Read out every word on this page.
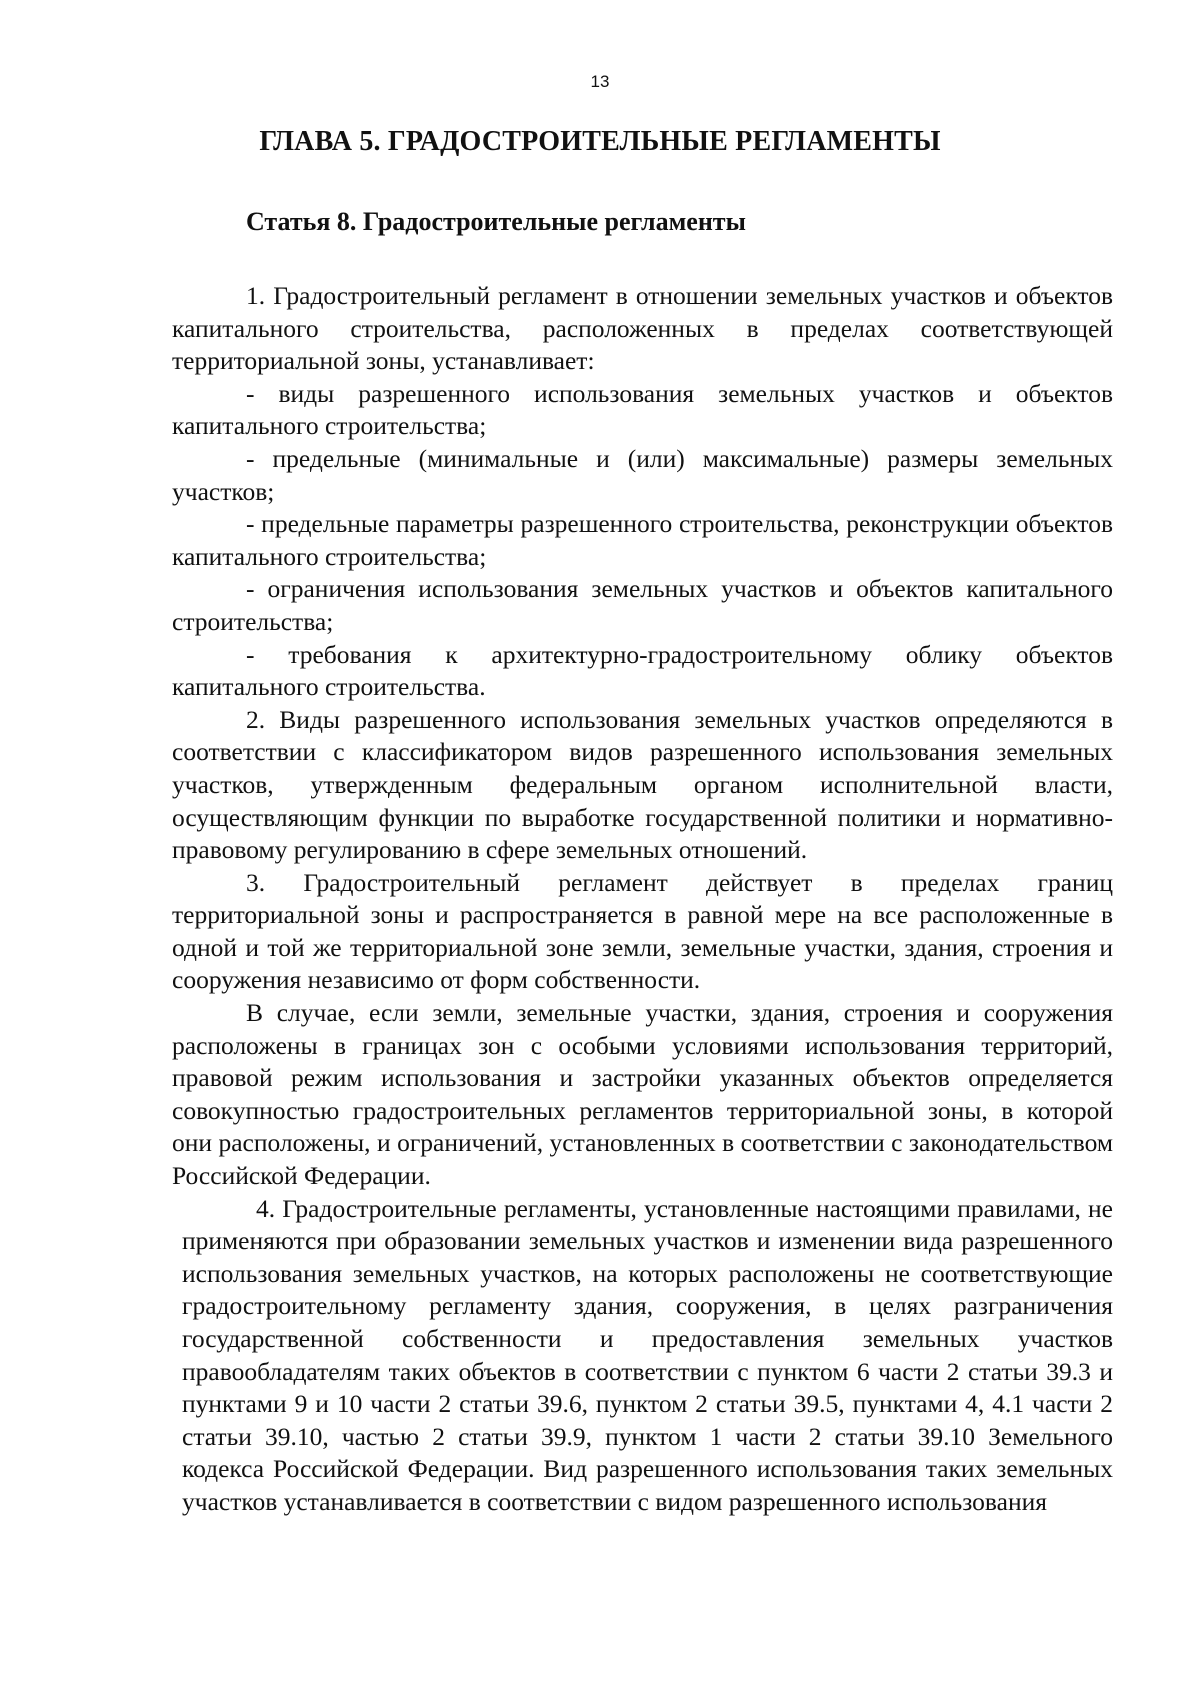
13
ГЛАВА 5. ГРАДОСТРОИТЕЛЬНЫЕ РЕГЛАМЕНТЫ
Статья 8. Градостроительные регламенты

1. Градостроительный регламент в отношении земельных участков и объектов капитального строительства, расположенных в пределах соответствующей территориальной зоны, устанавливает:

- виды разрешенного использования земельных участков и объектов капитального строительства;

- предельные (минимальные и (или) максимальные) размеры земельных участков;

- предельные параметры разрешенного строительства, реконструкции объектов капитального строительства;

- ограничения использования земельных участков и объектов капитального строительства;

- требования к архитектурно-градостроительному облику объектов капитального строительства.

2. Виды разрешенного использования земельных участков определяются в соответствии с классификатором видов разрешенного использования земельных участков, утвержденным федеральным органом исполнительной власти, осуществляющим функции по выработке государственной политики и нормативно-правовому регулированию в сфере земельных отношений.

3. Градостроительный регламент действует в пределах границ территориальной зоны и распространяется в равной мере на все расположенные в одной и той же территориальной зоне земли, земельные участки, здания, строения и сооружения независимо от форм собственности.

В случае, если земли, земельные участки, здания, строения и сооружения расположены в границах зон с особыми условиями использования территорий, правовой режим использования и застройки указанных объектов определяется совокупностью градостроительных регламентов территориальной зоны, в которой они расположены, и ограничений, установленных в соответствии с законодательством Российской Федерации.

4. Градостроительные регламенты, установленные настоящими правилами, не применяются при образовании земельных участков и изменении вида разрешенного использования земельных участков, на которых расположены не соответствующие градостроительному регламенту здания, сооружения, в целях разграничения государственной собственности и предоставления земельных участков правообладателям таких объектов в соответствии с пунктом 6 части 2 статьи 39.3 и пунктами 9 и 10 части 2 статьи 39.6, пунктом 2 статьи 39.5, пунктами 4, 4.1 части 2 статьи 39.10, частью 2 статьи 39.9, пунктом 1 части 2 статьи 39.10 Земельного кодекса Российской Федерации. Вид разрешенного использования таких земельных участков устанавливается в соответствии с видом разрешенного использования
